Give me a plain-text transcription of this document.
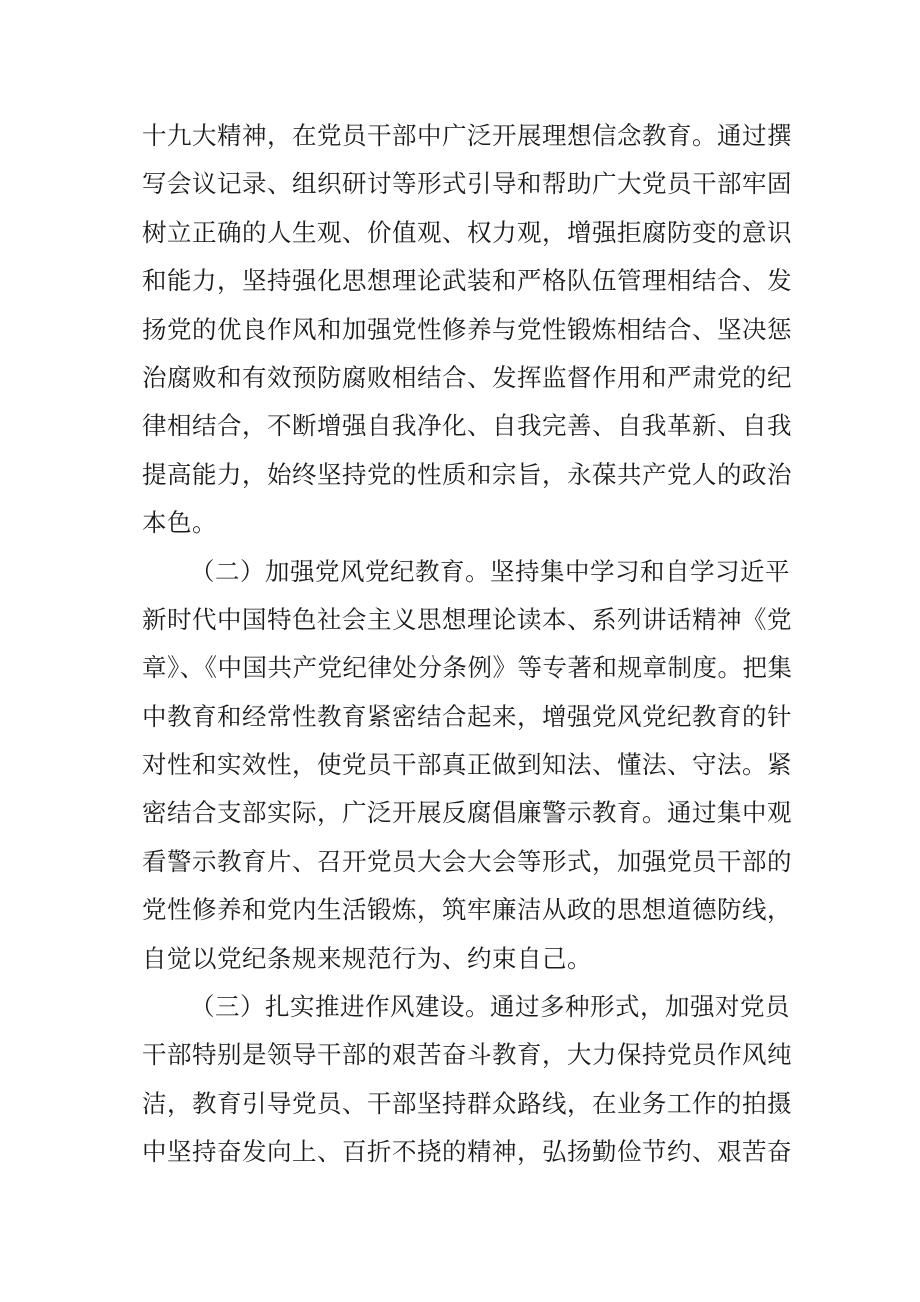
十九大精神，在党员干部中广泛开展理想信念教育。通过撰
写会议记录、组织研讨等形式引导和帮助广大党员干部牢固
树立正确的人生观、价值观、权力观，增强拒腐防变的意识
和能力，坚持强化思想理论武装和严格队伍管理相结合、发
扬党的优良作风和加强党性修养与党性锻炼相结合、坚决惩
治腐败和有效预防腐败相结合、发挥监督作用和严肃党的纪
律相结合，不断增强自我净化、自我完善、自我革新、自我
提高能力，始终坚持党的性质和宗旨，永葆共产党人的政治
本色。
（二）加强党风党纪教育。坚持集中学习和自学习近平
新时代中国特色社会主义思想理论读本、系列讲话精神《党
章》、《中国共产党纪律处分条例》等专著和规章制度。把集
中教育和经常性教育紧密结合起来，增强党风党纪教育的针
对性和实效性，使党员干部真正做到知法、懂法、守法。紧
密结合支部实际，广泛开展反腐倡廉警示教育。通过集中观
看警示教育片、召开党员大会大会等形式，加强党员干部的
党性修养和党内生活锻炼，筑牢廉洁从政的思想道德防线，
自觉以党纪条规来规范行为、约束自己。
（三）扎实推进作风建设。通过多种形式，加强对党员
干部特别是领导干部的艰苦奋斗教育，大力保持党员作风纯
洁，教育引导党员、干部坚持群众路线，在业务工作的拍摄
中坚持奋发向上、百折不挠的精神，弘扬勤俭节约、艰苦奋
